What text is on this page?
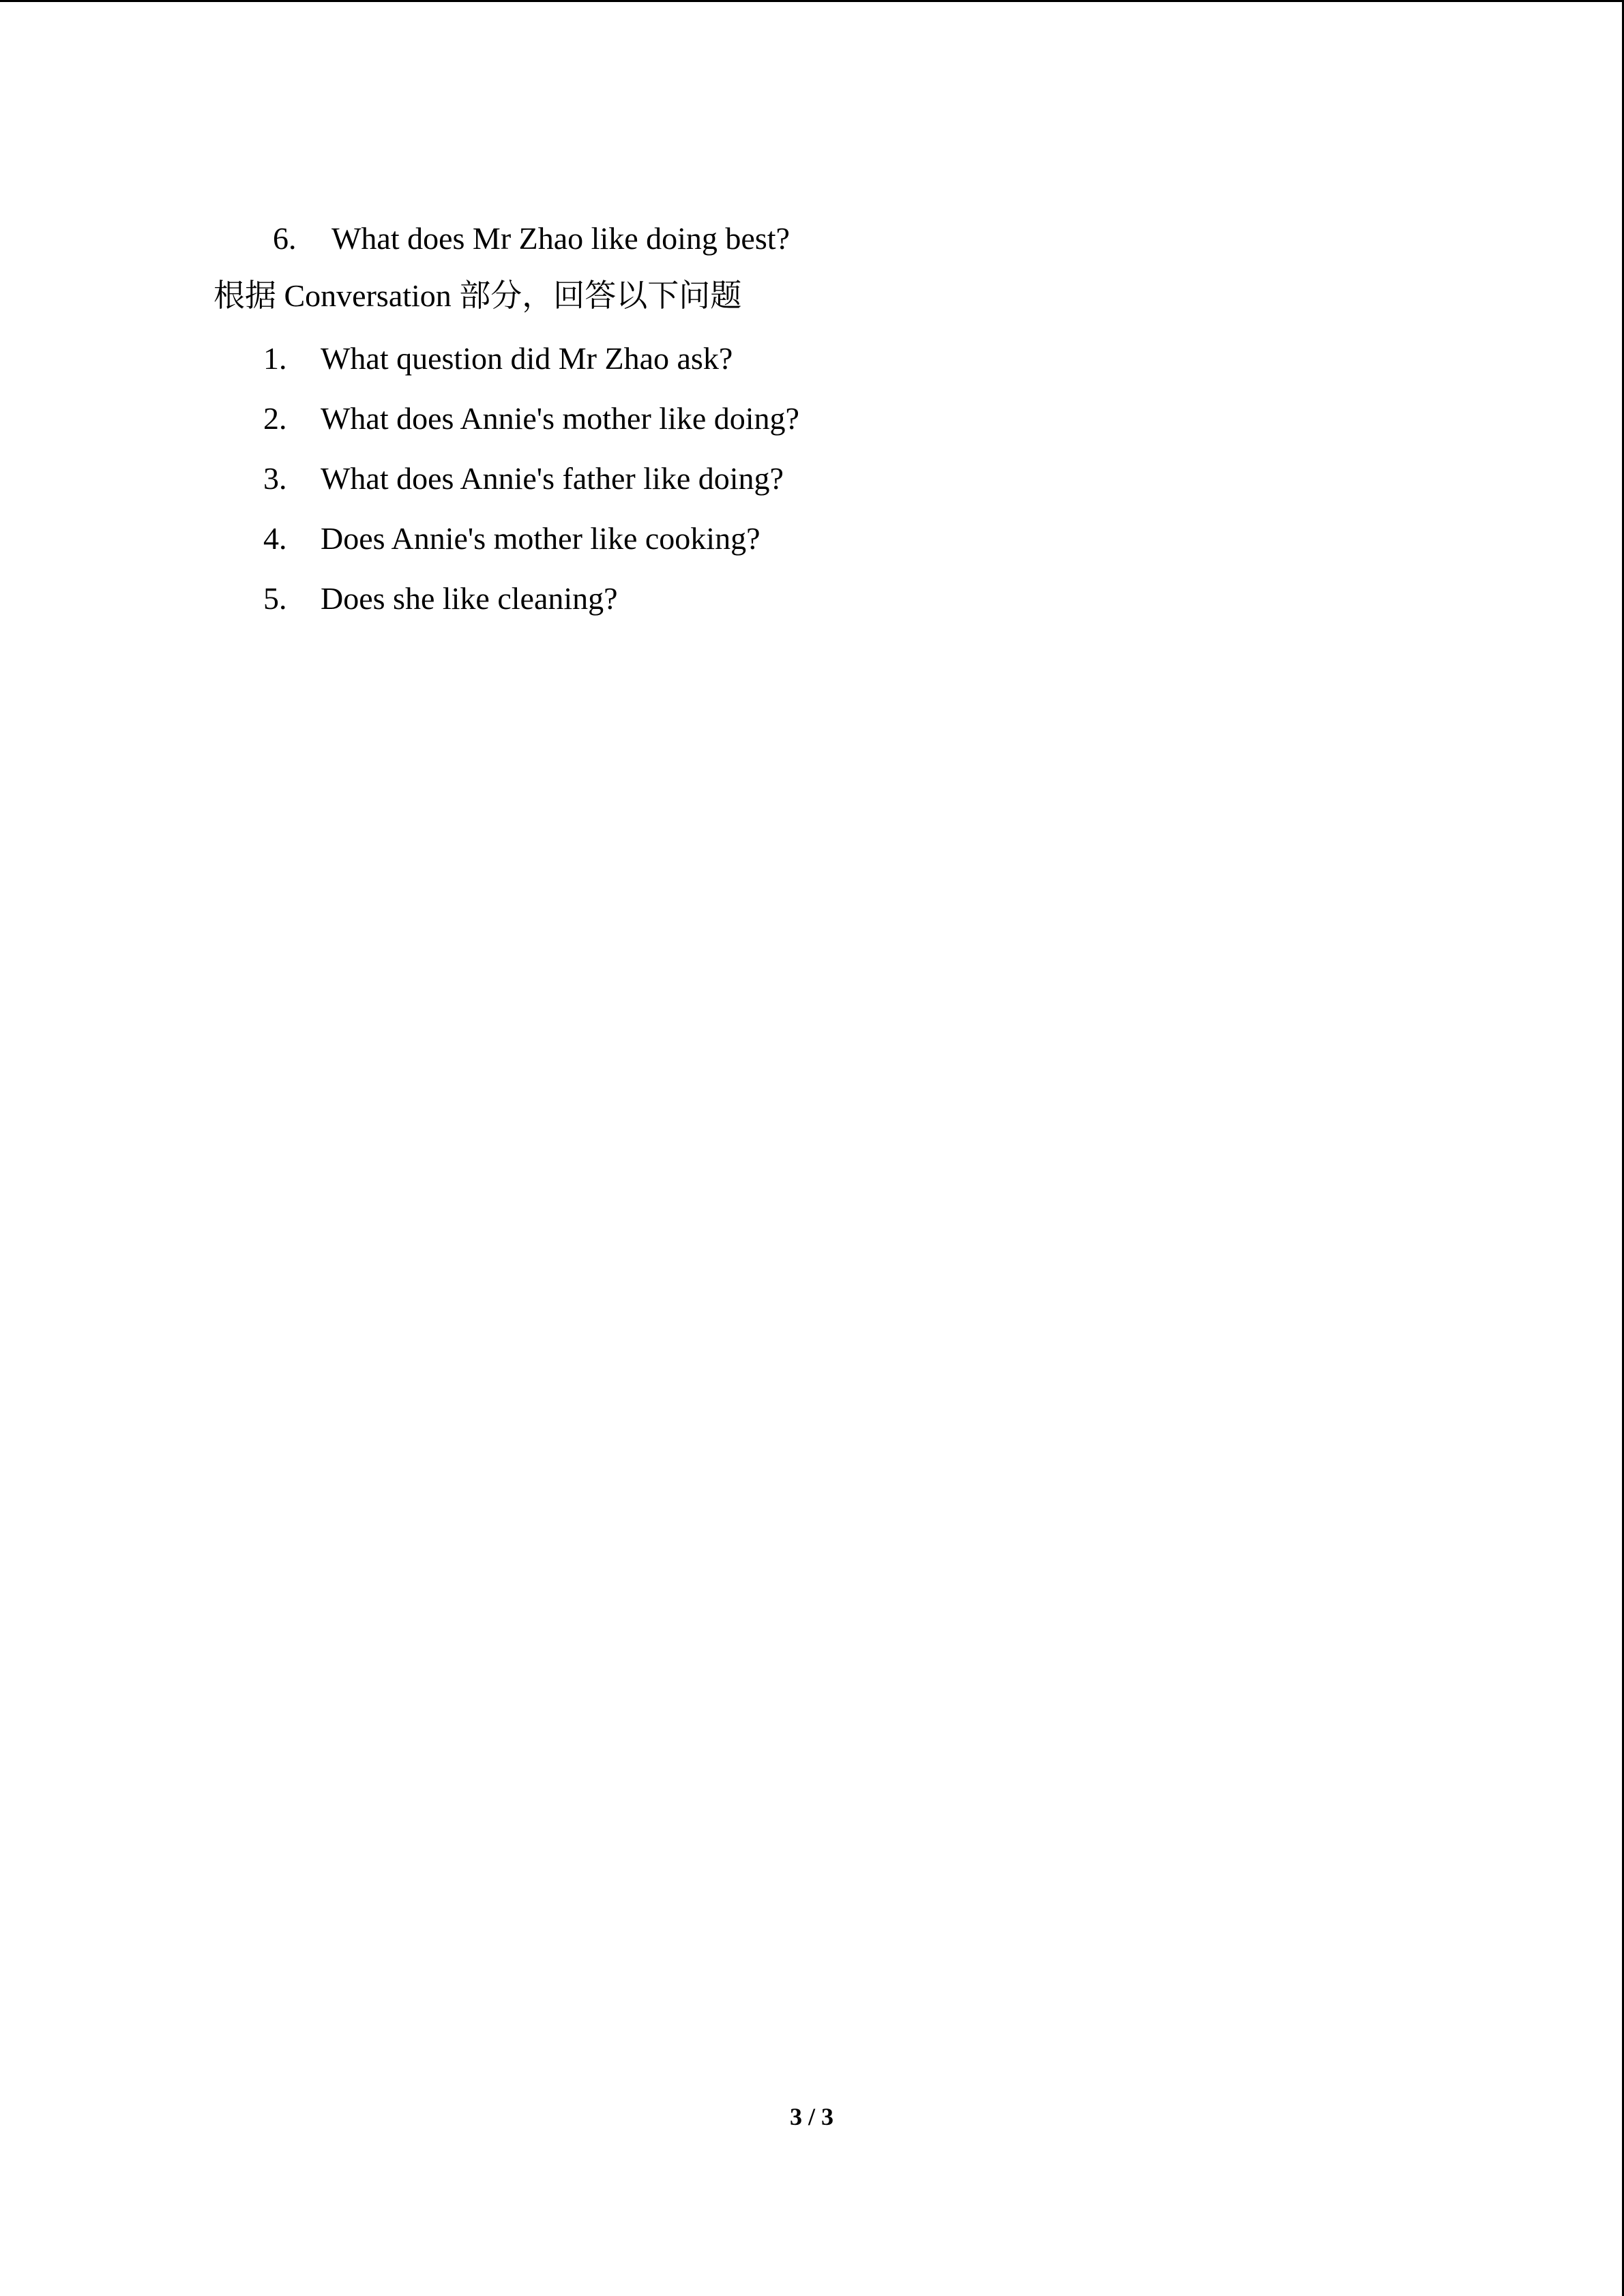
6. What does Mr Zhao like doing best?
根据 Conversation 部分，回答以下问题
1. What question did Mr Zhao ask?
2. What does Annie's mother like doing?
3. What does Annie's father like doing?
4. Does Annie's mother like cooking?
5. Does she like cleaning?
3 / 3
